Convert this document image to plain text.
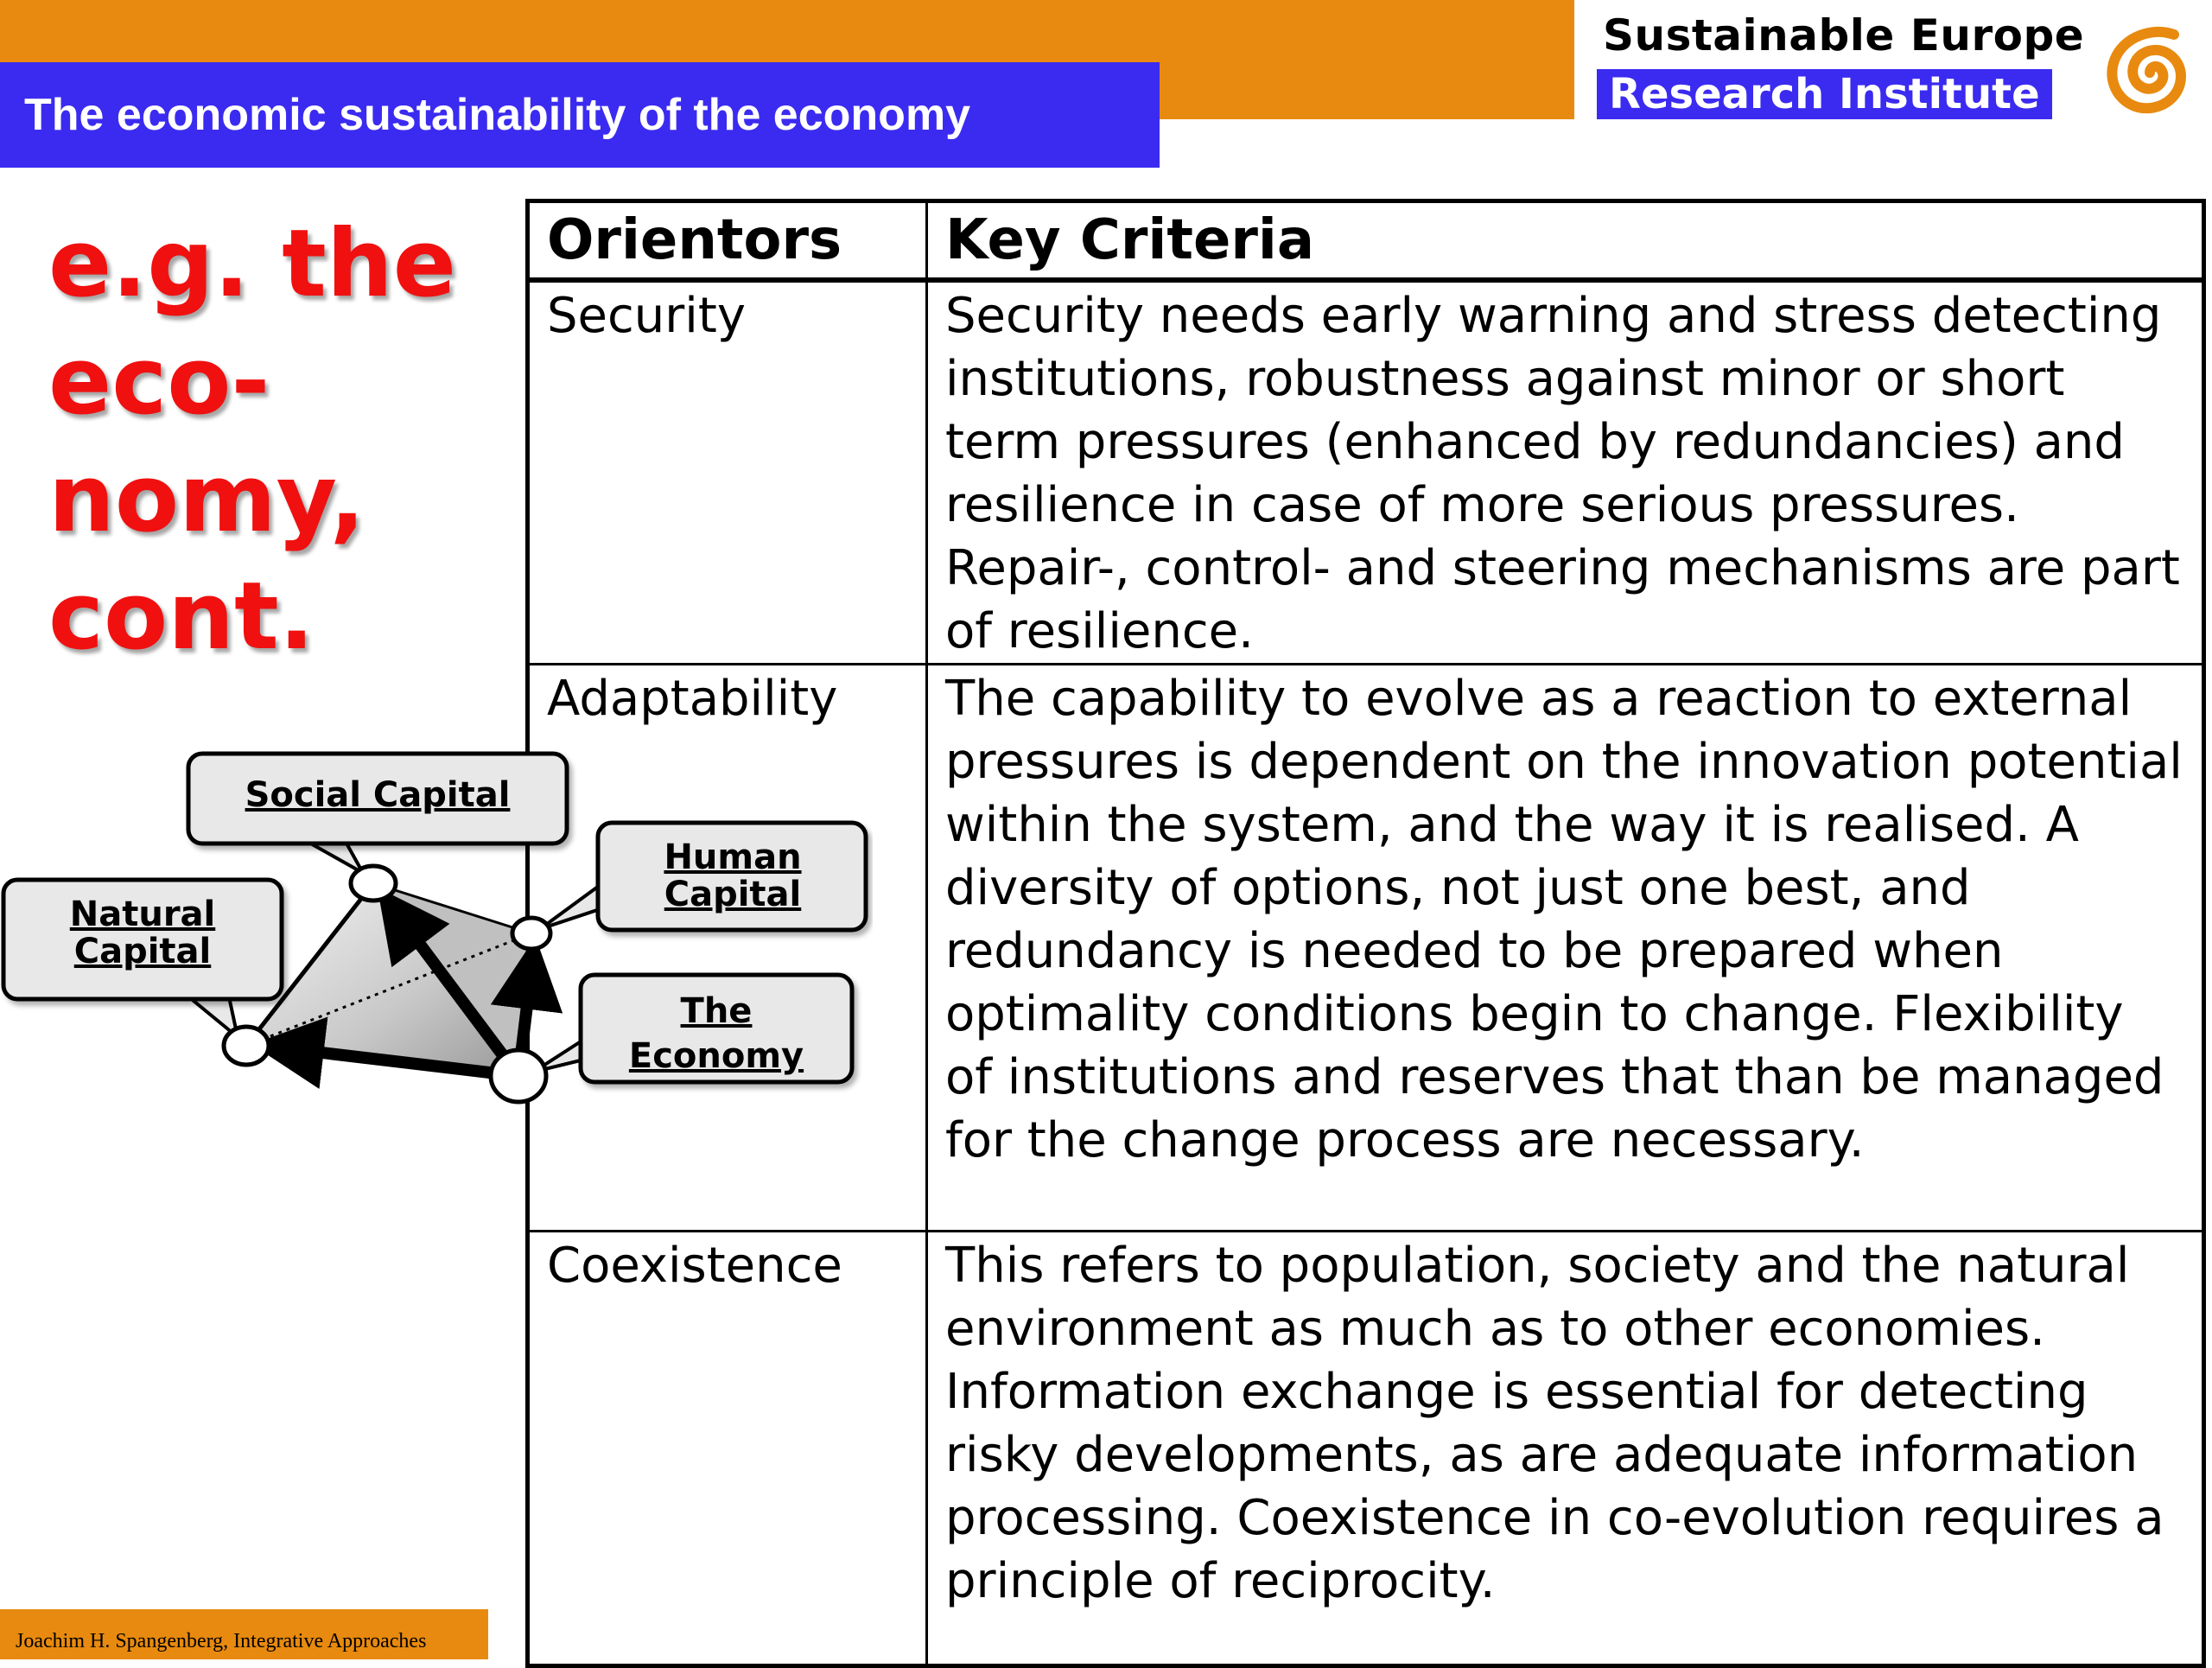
The economic sustainability of the economy
Sustainable Europe
Research Institute
e.g. the
eco-
nomy,
cont.
Orientors	Key Criteria
Security	Security needs early warning and stress detecting institutions, robustness against minor or short term pressures (enhanced by redundancies) and resilience in case of more serious pressures. Repair-, control- and steering mechanisms are part of resilience.
Adaptability	The capability to evolve as a reaction to external pressures is dependent on the innovation potential within the system, and the way it is realised. A diversity of options, not just one best, and redundancy is needed to be prepared when optimality conditions begin to change. Flexibility of institutions and reserves that than be managed for the change process are necessary.
Coexistence	This refers to population, society and the natural environment as much as to other economies. Information exchange is essential for detecting risky developments, as are adequate information processing. Coexistence in co-evolution requires a principle of reciprocity.
Social Capital
Natural
Capital
Human
Capital
The
Economy
Joachim H. Spangenberg, Integrative Approaches
